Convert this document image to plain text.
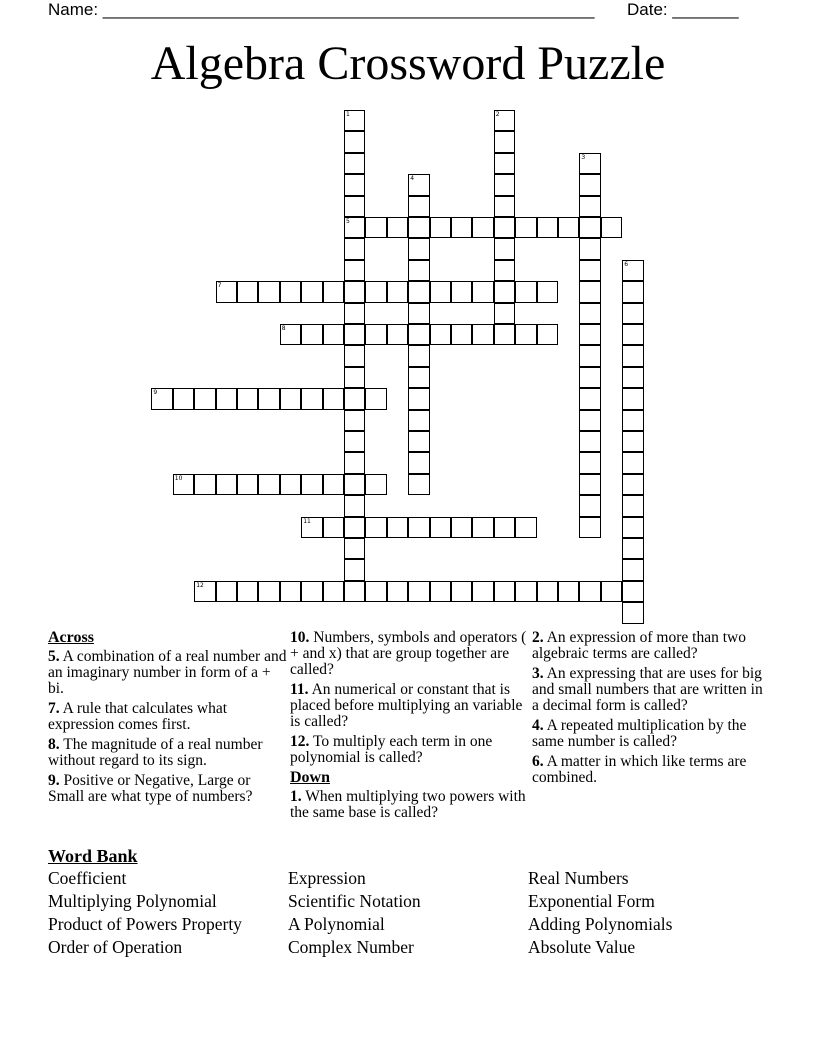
Name: ____________________________________________________ Date: _______
Algebra Crossword Puzzle
1
5
2
3
4
6
7
8
9
10
11
12
Across
5. A combination of a real number and an imaginary number in form of a + bi.
7. A rule that calculates what expression comes first.
8. The magnitude of a real number without regard to its sign.
9. Positive or Negative, Large or Small are what type of numbers?
10. Numbers, symbols and operators ( + and x) that are group together are called?
11. An numerical or constant that is placed before multiplying an variable is called?
12. To multiply each term in one polynomial is called?
Down
1. When multiplying two powers with the same base is called?
2. An expression of more than two algebraic terms are called?
3. An expressing that are uses for big and small numbers that are written in a decimal form is called?
4. A repeated multiplication by the same number is called?
6. A matter in which like terms are combined.
Word Bank
Coefficient	Expression	Real Numbers
Multiplying Polynomial	Scientific Notation	Exponential Form
Product of Powers Property	A Polynomial	Adding Polynomials
Order of Operation	Complex Number	Absolute Value
